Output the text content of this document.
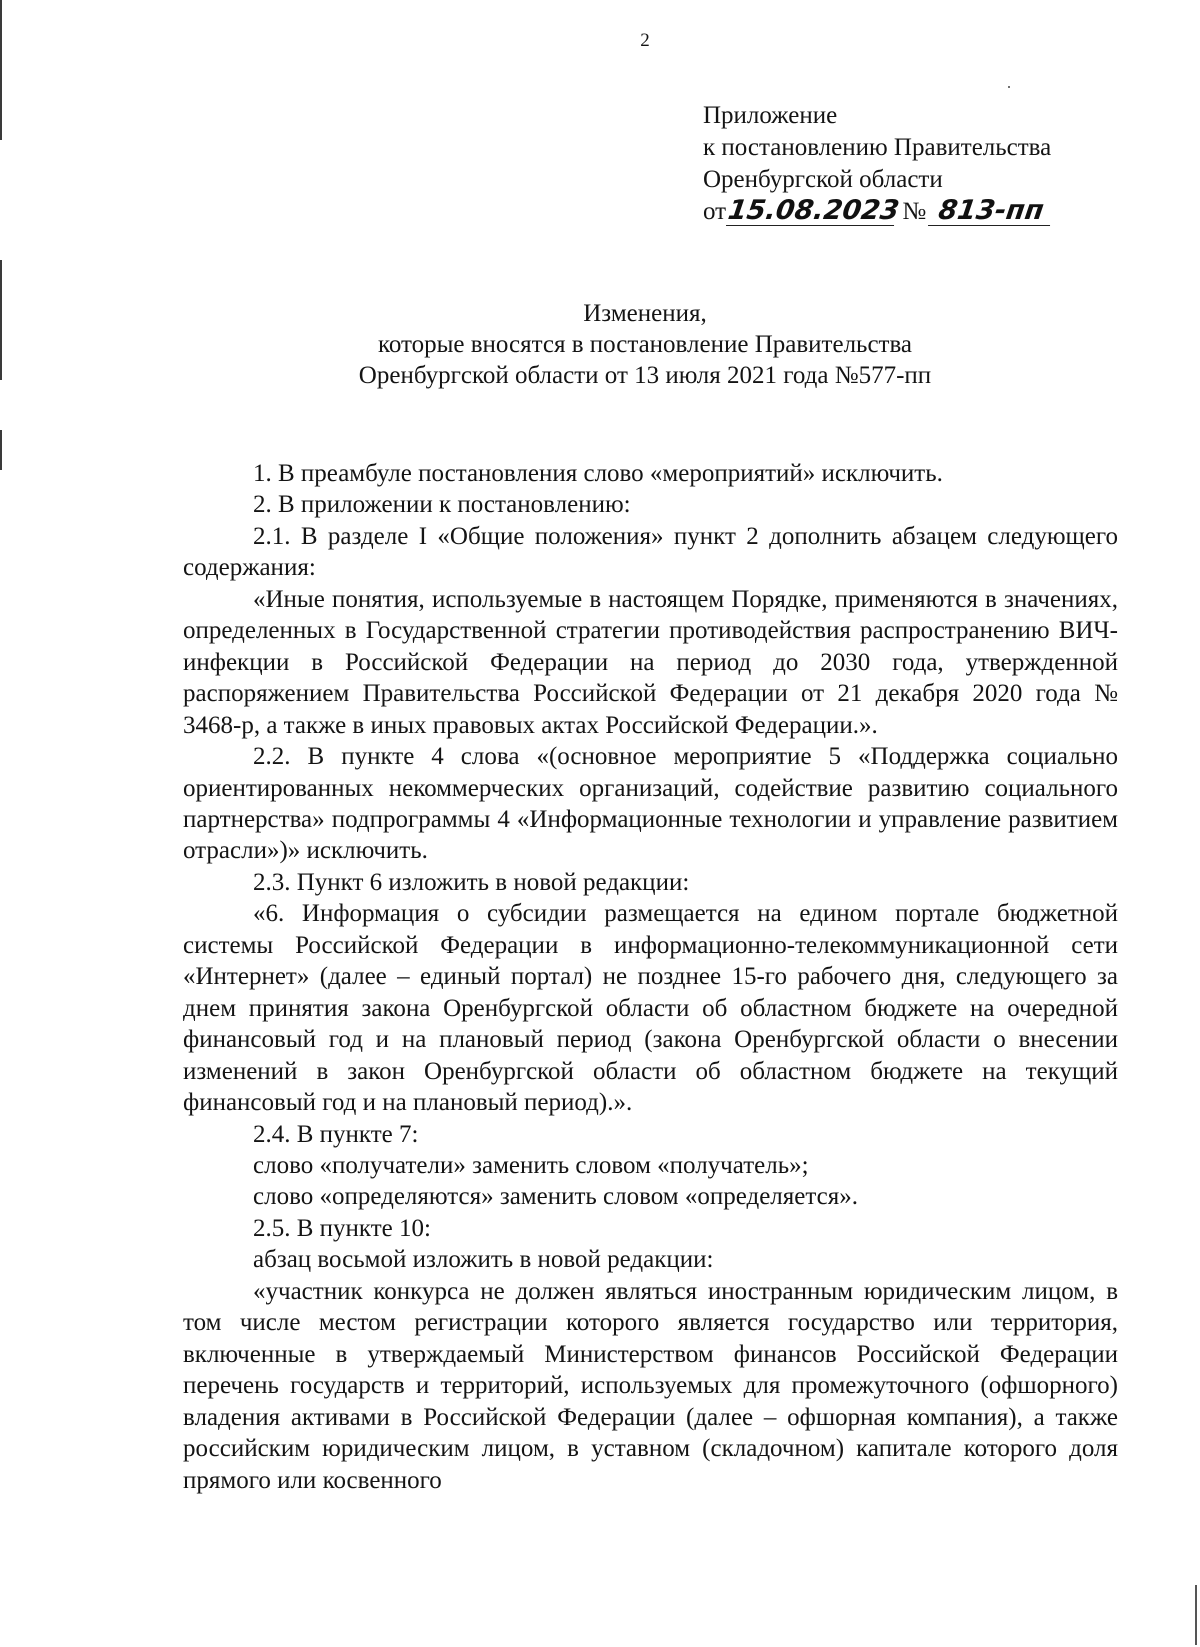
2
Приложение
к постановлению Правительства
Оренбургской области
от15.08.2023 № 813-пп
Изменения,
которые вносятся в постановление Правительства
Оренбургской области от 13 июля 2021 года №577-пп

1. В преамбуле постановления слово «мероприятий» исключить.

2. В приложении к постановлению:

2.1. В разделе I «Общие положения» пункт 2 дополнить абзацем следующего содержания:

«Иные понятия, используемые в настоящем Порядке, применяются в значениях, определенных в Государственной стратегии противодействия распространению ВИЧ-инфекции в Российской Федерации на период до 2030 года, утвержденной распоряжением Правительства Российской Федерации от 21 декабря 2020 года № 3468-р, а также в иных правовых актах Российской Федерации.».

2.2. В пункте 4 слова «(основное мероприятие 5 «Поддержка социально ориентированных некоммерческих организаций, содействие развитию социального партнерства» подпрограммы 4 «Информационные технологии и управление развитием отрасли»)» исключить.

2.3. Пункт 6 изложить в новой редакции:

«6. Информация о субсидии размещается на едином портале бюджетной системы Российской Федерации в информационно-телекоммуникационной сети «Интернет» (далее – единый портал) не позднее 15-го рабочего дня, следующего за днем принятия закона Оренбургской области об областном бюджете на очередной финансовый год и на плановый период (закона Оренбургской области о внесении изменений в закон Оренбургской области об областном бюджете на текущий финансовый год и на плановый период).».

2.4. В пункте 7:

слово «получатели» заменить словом «получатель»;

слово «определяются» заменить словом «определяется».

2.5. В пункте 10:

абзац восьмой изложить в новой редакции:

«участник конкурса не должен являться иностранным юридическим лицом, в том числе местом регистрации которого является государство или территория, включенные в утверждаемый Министерством финансов Российской Федерации перечень государств и территорий, используемых для промежуточного (офшорного) владения активами в Российской Федерации (далее – офшорная компания), а также российским юридическим лицом, в уставном (складочном) капитале которого доля прямого или косвенного
